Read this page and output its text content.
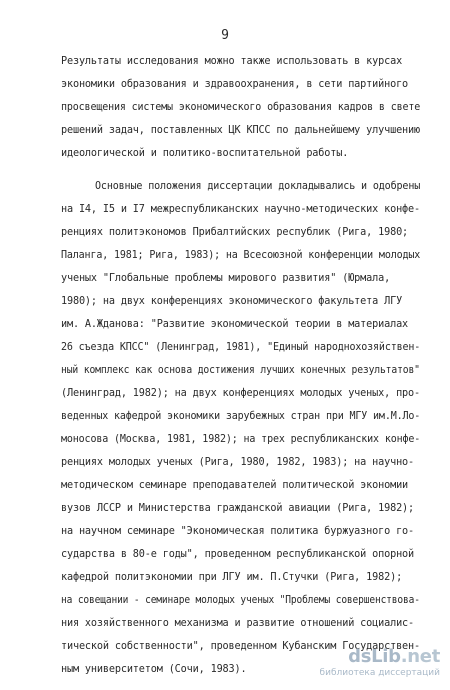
9
Результаты исследования можно также использовать в курсах
экономики образования и здравоохранения, в сети партийного
просвещения системы экономического образования кадров в свете
решений задач, поставленных ЦК КПСС по дальнейшему улучшению
идеологической и политико-воспитательной работы.
Основные положения диссертации докладывались и одобрены
на I4, I5 и I7 межреспубликанских научно-методических конфе-
ренциях политэкономов Прибалтийских республик (Рига, 1980;
Паланга, 1981; Рига, 1983); на Всесоюзной конференции молодых
ученых "Глобальные проблемы мирового развития" (Юрмала,
1980); на двух конференциях экономического факультета ЛГУ
им. А.Жданова: "Развитие экономической теории в материалах
26 съезда КПСС" (Ленинград, 1981), "Единый народнохозяйствен-
ный комплекс как основа достижения лучших конечных результатов"
(Ленинград, 1982); на двух конференциях молодых ученых, про-
веденных кафедрой экономики зарубежных стран при МГУ им.М.Ло-
моносова (Москва, 1981, 1982); на трех республиканских конфе-
ренциях молодых ученых (Рига, 1980, 1982, 1983); на научно-
методическом семинаре преподавателей политической экономии
вузов ЛССР и Министерства гражданской авиации (Рига, 1982);
на научном семинаре "Экономическая политика буржуазного го-
сударства в 80-е годы", проведенном республиканской опорной
кафедрой политэкономии при ЛГУ им. П.Стучки (Рига, 1982);
на совещании - семинаре молодых ученых "Проблемы совершенствова-
ния хозяйственного механизма и развитие отношений социалис-
тической собственности", проведенном Кубанским Государствен-
ным университетом (Сочи, 1983).
dsLib.net
библиотека диссертаций
